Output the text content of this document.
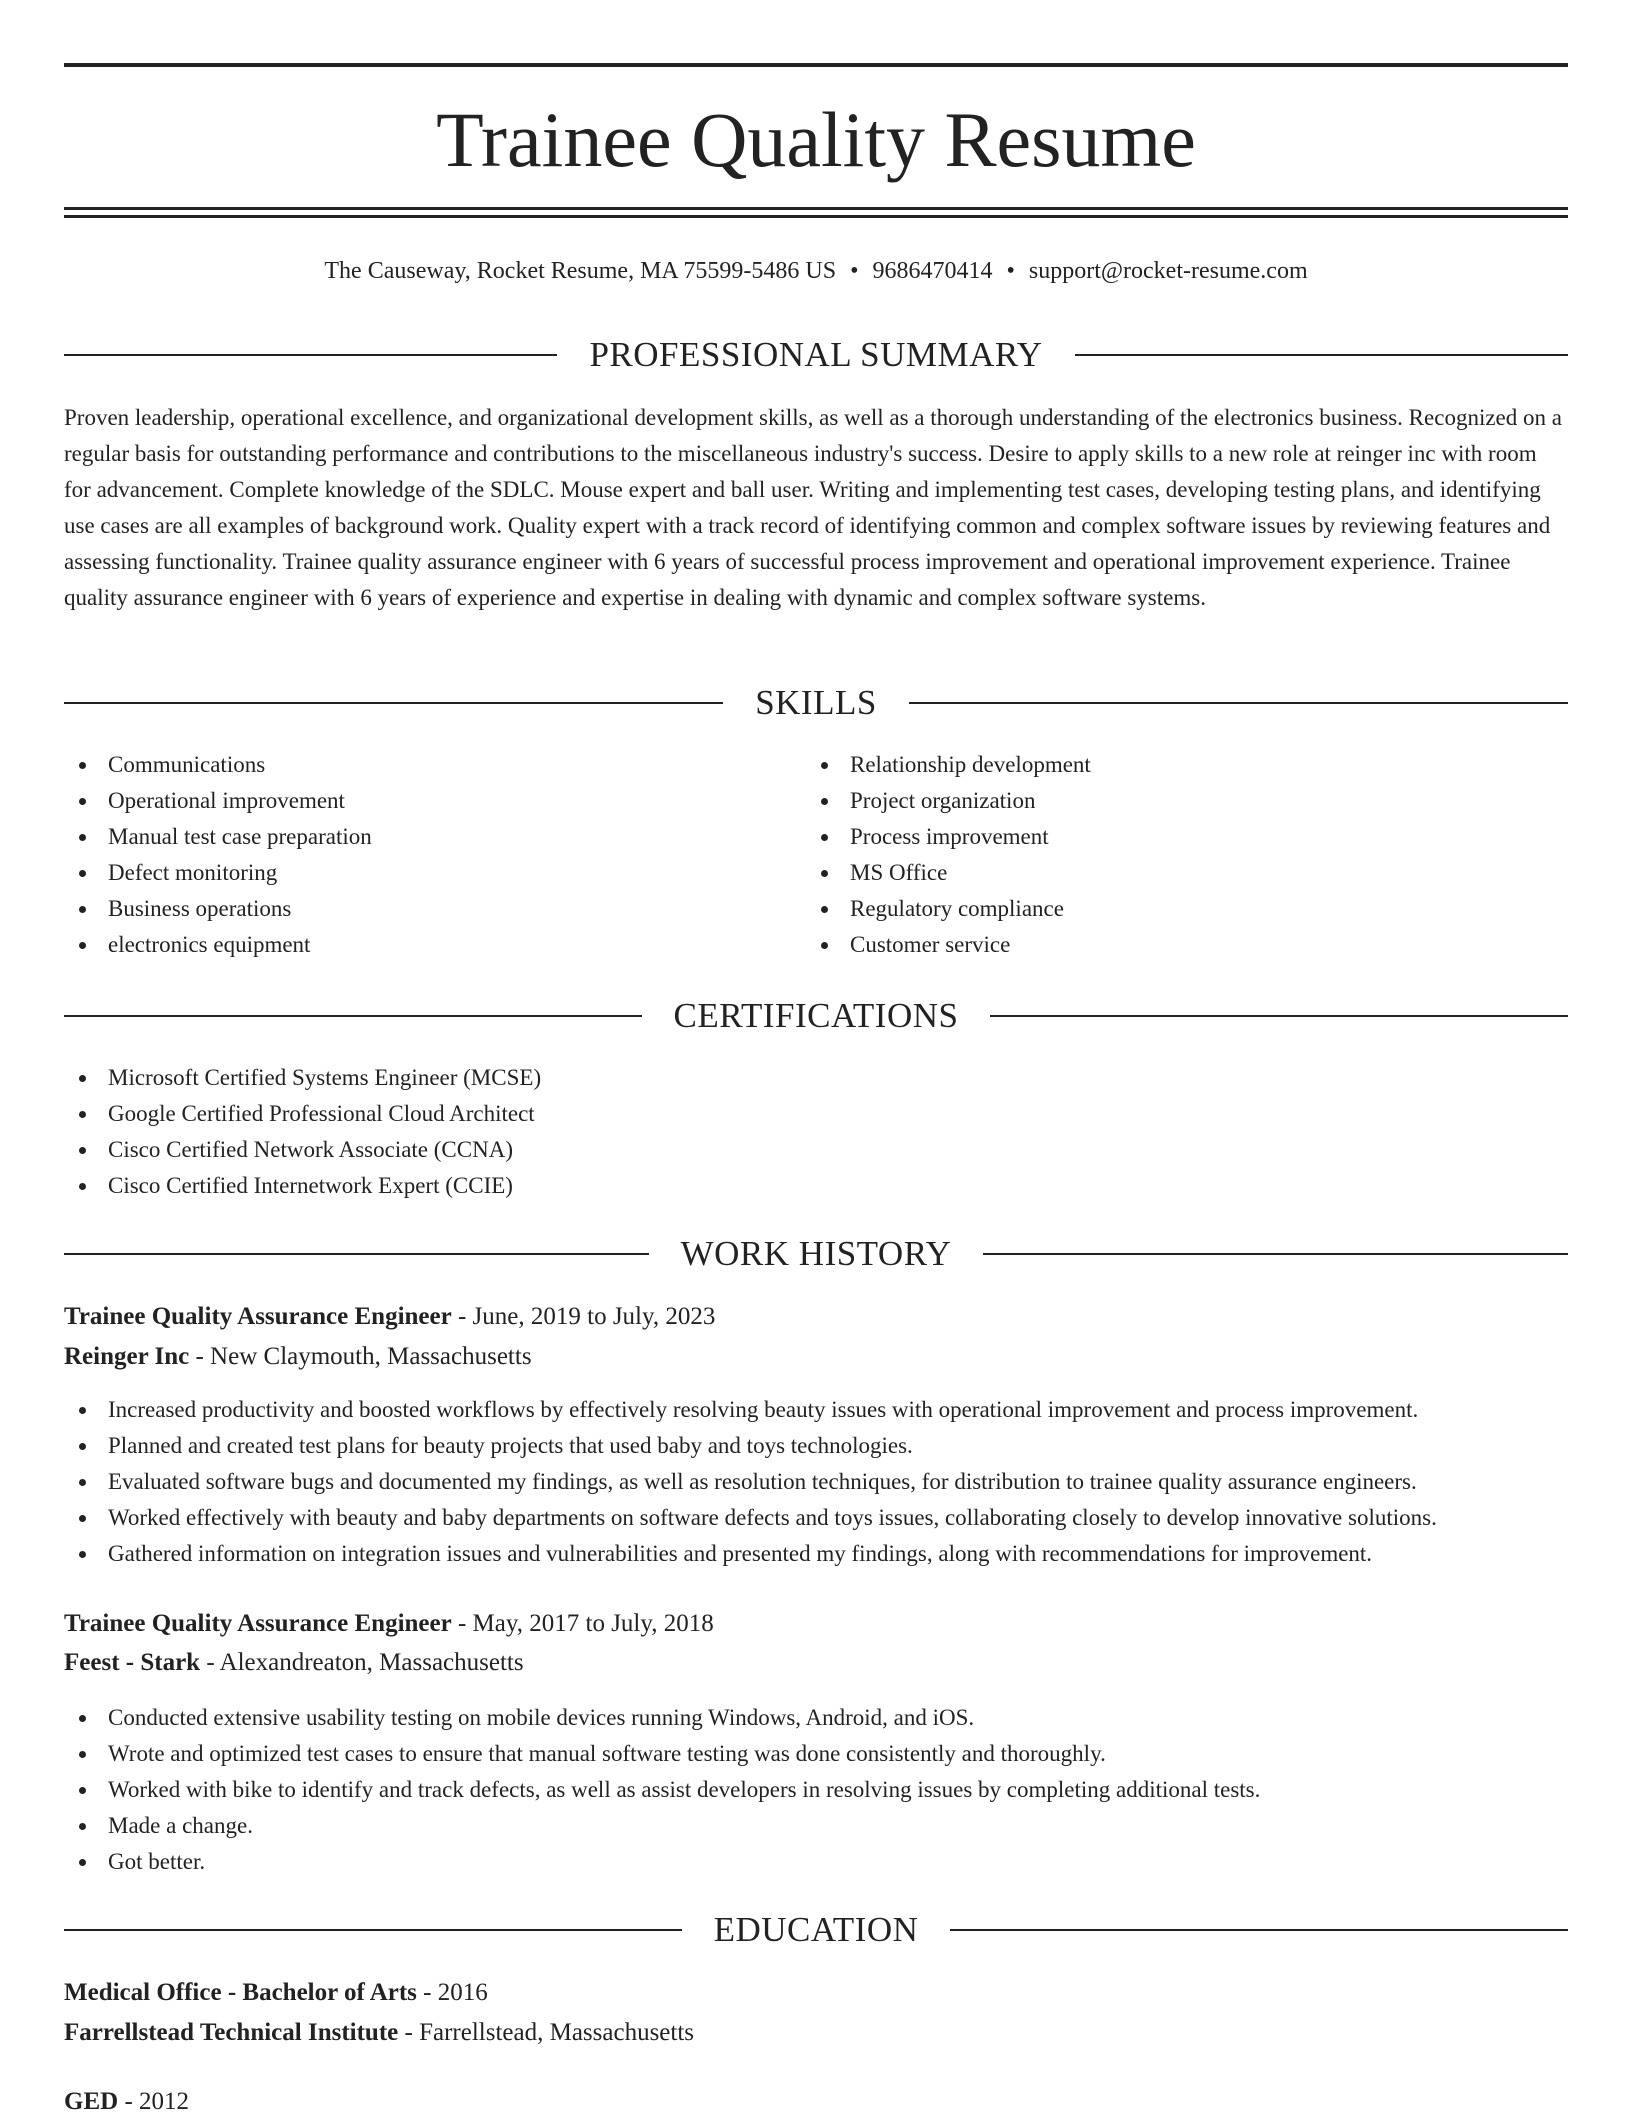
Trainee Quality Resume
The Causeway, Rocket Resume, MA 75599-5486 US • 9686470414 • support@rocket-resume.com
PROFESSIONAL SUMMARY

Proven leadership, operational excellence, and organizational development skills, as well as a thorough understanding of the electronics business. Recognized on a regular basis for outstanding performance and contributions to the miscellaneous industry's success. Desire to apply skills to a new role at reinger inc with room for advancement. Complete knowledge of the SDLC. Mouse expert and ball user. Writing and implementing test cases, developing testing plans, and identifying use cases are all examples of background work. Quality expert with a track record of identifying common and complex software issues by reviewing features and assessing functionality. Trainee quality assurance engineer with 6 years of successful process improvement and operational improvement experience. Trainee quality assurance engineer with 6 years of experience and expertise in dealing with dynamic and complex software systems.

SKILLS
Communications
Operational improvement
Manual test case preparation
Defect monitoring
Business operations
electronics equipment
Relationship development
Project organization
Process improvement
MS Office
Regulatory compliance
Customer service
CERTIFICATIONS
Microsoft Certified Systems Engineer (MCSE)
Google Certified Professional Cloud Architect
Cisco Certified Network Associate (CCNA)
Cisco Certified Internetwork Expert (CCIE)
WORK HISTORY
Trainee Quality Assurance Engineer - June, 2019 to July, 2023
Reinger Inc - New Claymouth, Massachusetts
Increased productivity and boosted workflows by effectively resolving beauty issues with operational improvement and process improvement.
Planned and created test plans for beauty projects that used baby and toys technologies.
Evaluated software bugs and documented my findings, as well as resolution techniques, for distribution to trainee quality assurance engineers.
Worked effectively with beauty and baby departments on software defects and toys issues, collaborating closely to develop innovative solutions.
Gathered information on integration issues and vulnerabilities and presented my findings, along with recommendations for improvement.
Trainee Quality Assurance Engineer - May, 2017 to July, 2018
Feest - Stark - Alexandreaton, Massachusetts
Conducted extensive usability testing on mobile devices running Windows, Android, and iOS.
Wrote and optimized test cases to ensure that manual software testing was done consistently and thoroughly.
Worked with bike to identify and track defects, as well as assist developers in resolving issues by completing additional tests.
Made a change.
Got better.
EDUCATION
Medical Office - Bachelor of Arts - 2016
Farrellstead Technical Institute - Farrellstead, Massachusetts
GED - 2012
